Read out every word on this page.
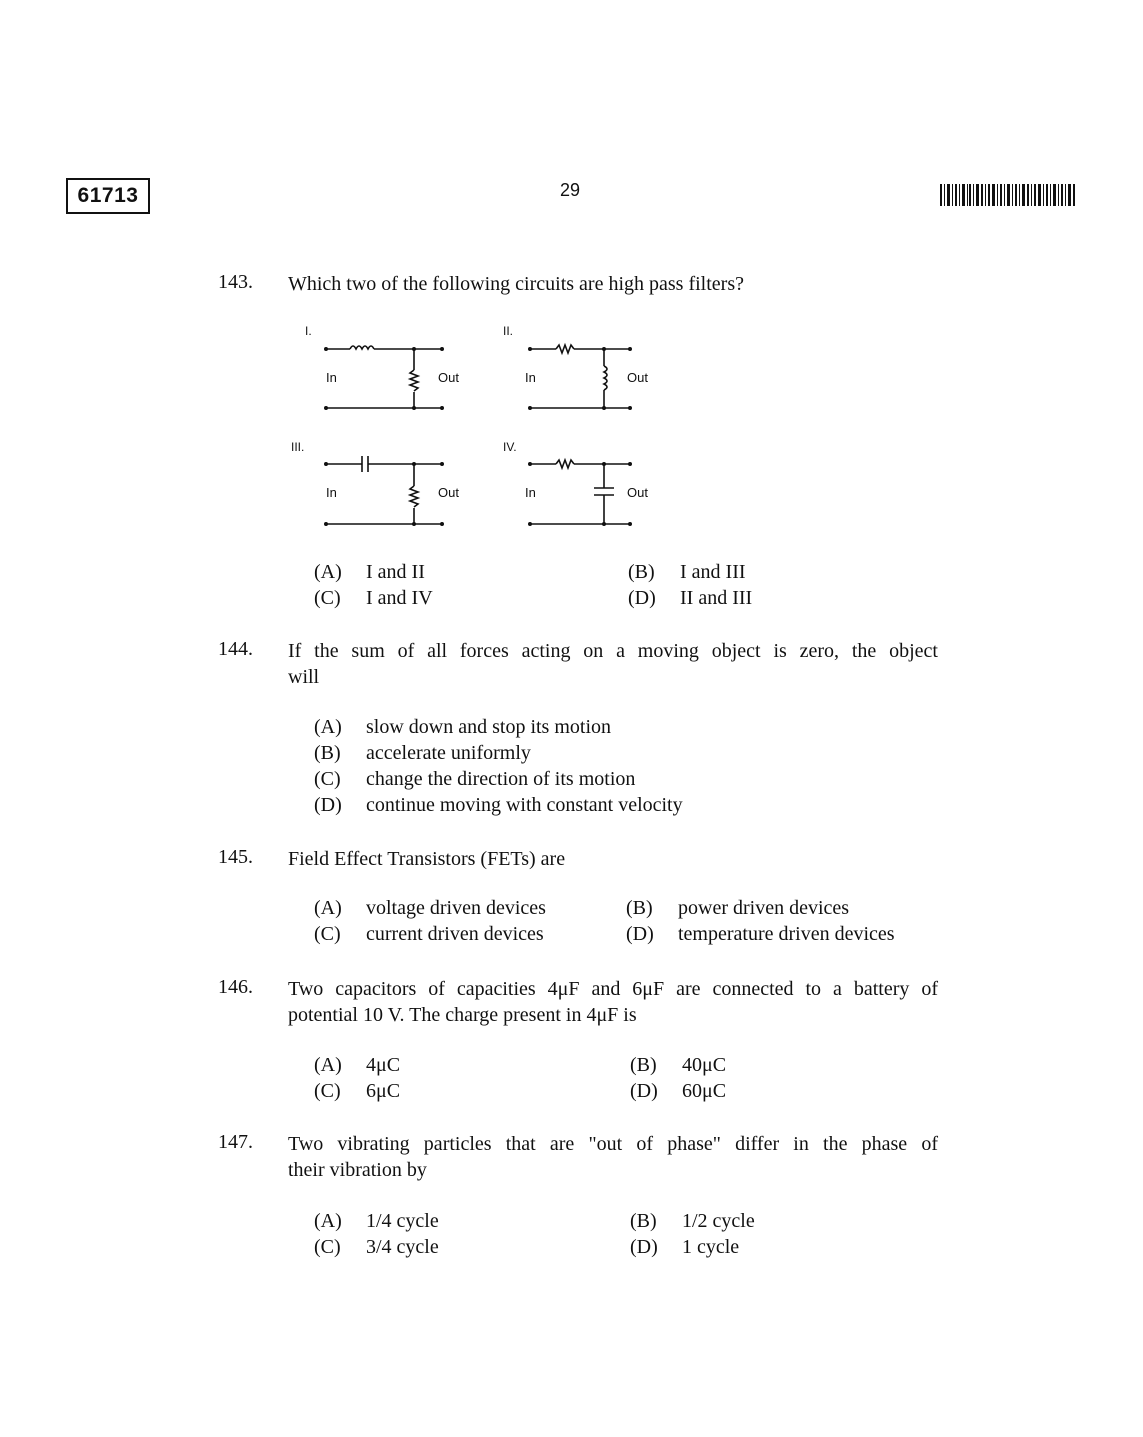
61713	29
143. Which two of the following circuits are high pass filters?
I.
In	Out
II.
In	Out
III.
In	Out
IV.
In	Out
(A) I and II	(B) I and III
(C) I and IV	(D) II and III
144. If the sum of all forces acting on a moving object is zero, the object
will
(A) slow down and stop its motion
(B) accelerate uniformly
(C) change the direction of its motion
(D) continue moving with constant velocity
145. Field Effect Transistors (FETs) are
(A) voltage driven devices	(B) power driven devices
(C) current driven devices	(D) temperature driven devices
146. Two capacitors of capacities 4μF and 6μF are connected to a battery of
potential 10 V. The charge present in 4μF is
(A) 4μC	(B) 40μC
(C) 6μC	(D) 60μC
147. Two vibrating particles that are "out of phase" differ in the phase of
their vibration by
(A) 1/4 cycle	(B) 1/2 cycle
(C) 3/4 cycle	(D) 1 cycle
